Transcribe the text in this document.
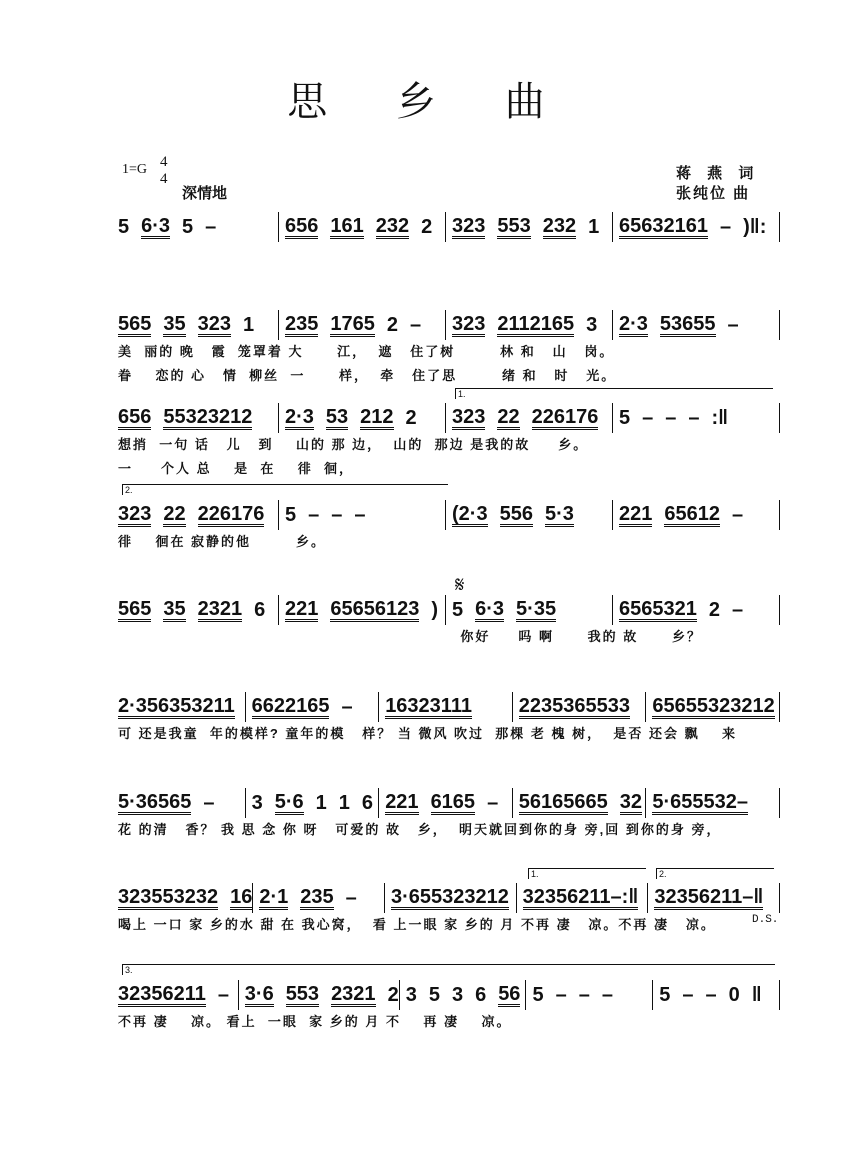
思 乡 曲
1=G 4
4
深情地
蒋 燕 词
张纯位 曲
𝄋
D.S.
1.
2.
1.	2.
3.
5 6·3 5 –	656 161 232 2 323 553 232 1 65632161 – )‖:
565 35 323 1 235 1765 2 – 323 2112165 3 2·3 53655 –
美  丽的 晚   霞  笼罩着 大      江，  遮   住了树        林 和   山   岗。
眷    恋的 心   情  柳丝  一      样，  牵   住了思        绪 和   时   光。
656 55323212 2·3 53 212 2 323 22 226176 5 – – – :‖
想捎  一句 话   儿   到    山的 那 边，  山的  那边 是我的故     乡。
一     个人 总    是  在    徘  徊，
323 22 226176 5 – – –	(2·3 556 5·3 221 65612 –
徘    徊在 寂静的他        乡。
565 35 2321 6 221 65656123 ) 5 6·3 5·35	6565321 2 –
你好     吗 啊      我的 故      乡？
2·356353211 6622165 – 16323111 2235365533 65655323212
可 还是我童  年的模样? 童年的模   样？ 当 微风 吹过  那棵 老 槐 树，  是否 还会 飘    来
5·36565 – 3 5·6 1 1 6 221 6165 – 56165665 32 5·655532–
花 的清   香？ 我 思 念 你 呀   可爱的 故   乡，  明天就回到你的身 旁,回 到你的身 旁，
323553232 16 2·1 235 – 3·655323212 32356211–:‖ 32356211–‖
喝上 一口 家 乡的水 甜 在 我心窝，  看 上一眼 家 乡的 月 不再 凄   凉。不再 凄   凉。
32356211 – 3·6 553 2321 2 3 5 3 6 56 5 – – – 5 – – 0 ‖
不再 凄    凉。 看上  一眼  家 乡的 月 不    再 凄    凉。
